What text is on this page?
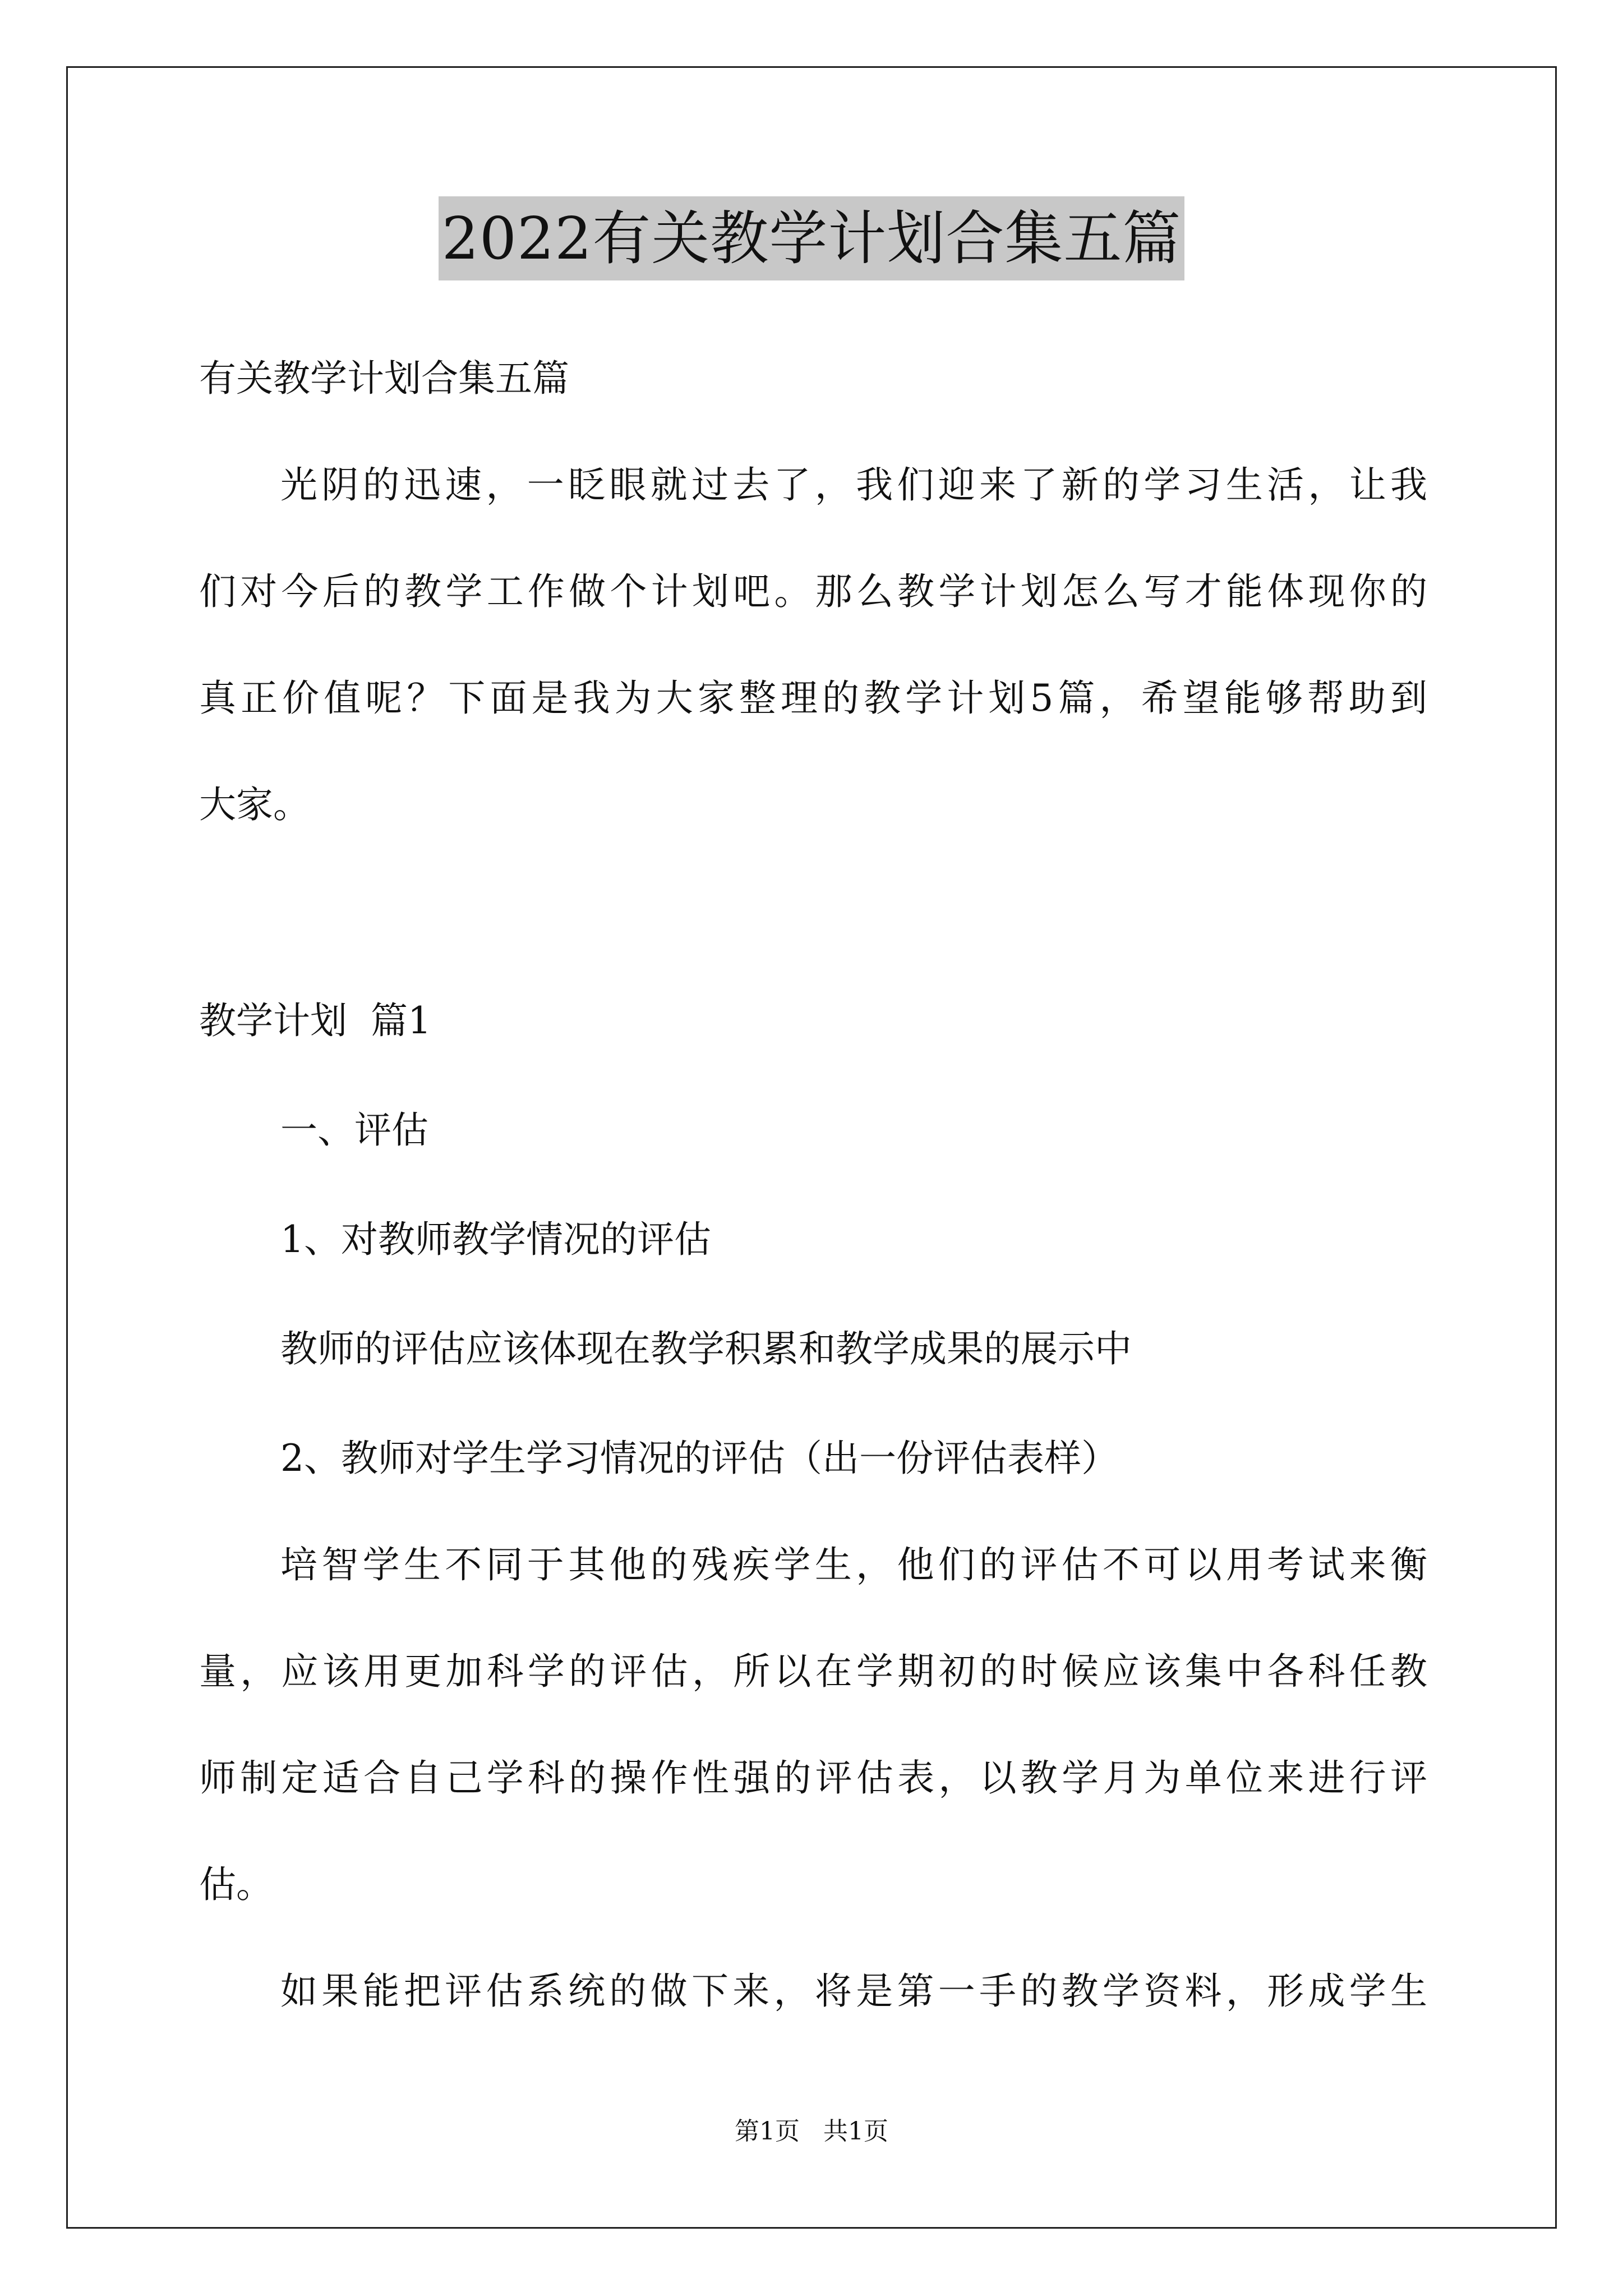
2022有关教学计划合集五篇
有关教学计划合集五篇
光阴的迅速，一眨眼就过去了，我们迎来了新的学习生活，让我
们对今后的教学工作做个计划吧。那么教学计划怎么写才能体现你的
真正价值呢？下面是我为大家整理的教学计划5篇，希望能够帮助到
大家。
教学计划  篇1
一、评估
1、对教师教学情况的评估
教师的评估应该体现在教学积累和教学成果的展示中
2、教师对学生学习情况的评估（出一份评估表样）
培智学生不同于其他的残疾学生，他们的评估不可以用考试来衡
量，应该用更加科学的评估，所以在学期初的时候应该集中各科任教
师制定适合自己学科的操作性强的评估表，以教学月为单位来进行评
估。
如果能把评估系统的做下来，将是第一手的教学资料，形成学生
第1页 共1页
